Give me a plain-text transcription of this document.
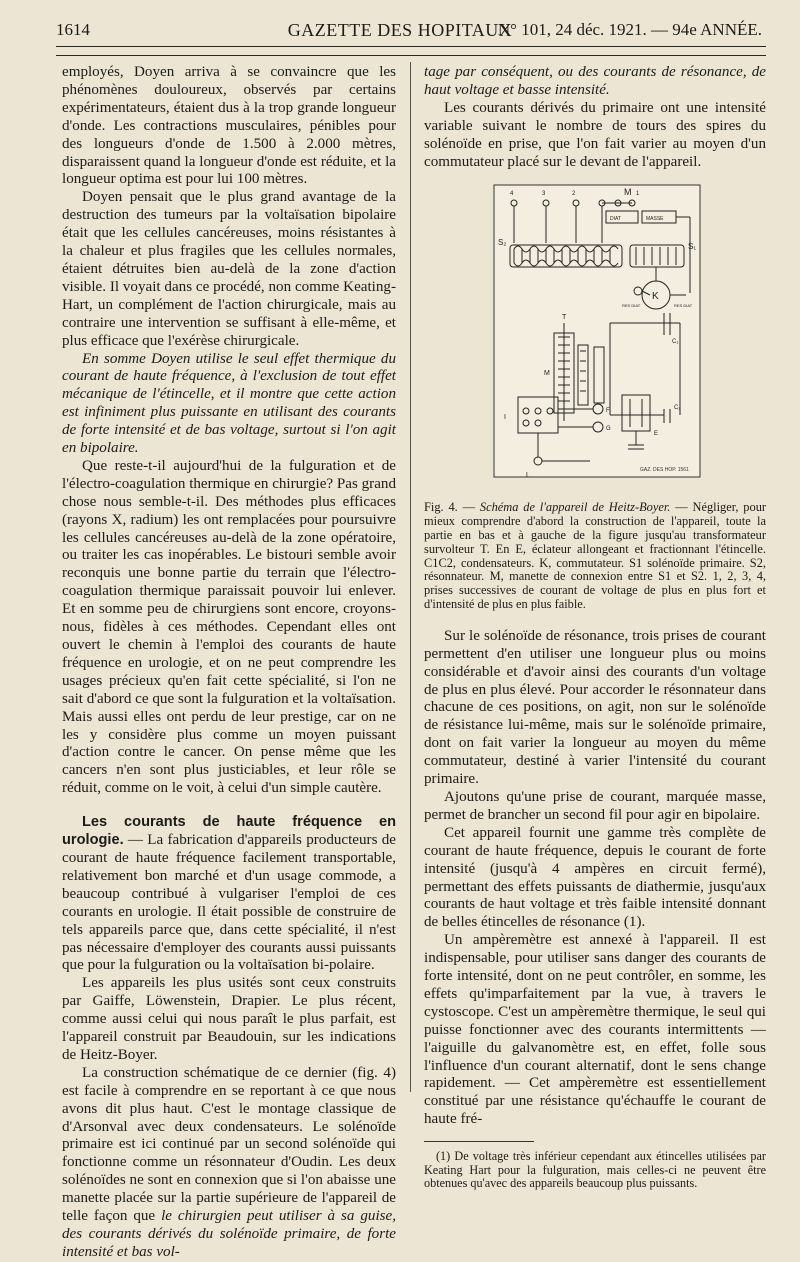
1614	GAZETTE DES HOPITAUX
N° 101, 24 déc. 1921. — 94e ANNÉE.

employés, Doyen arriva à se convaincre que les phénomènes douloureux, observés par certains expérimentateurs, étaient dus à la trop grande longueur d'onde. Les contractions musculaires, pénibles pour des longueurs d'onde de 1.500 à 2.000 mètres, disparaissent quand la longueur d'onde est réduite, et la longueur optima est pour lui 100 mètres.

Doyen pensait que le plus grand avantage de la destruction des tumeurs par la voltaïsation bipolaire était que les cellules cancéreuses, moins résistantes à la chaleur et plus fragiles que les cellules normales, étaient détruites bien au-delà de la zone d'action visible. Il voyait dans ce procédé, non comme Keating-Hart, un complément de l'action chirurgicale, mais au contraire une intervention se suffisant à elle-même, et plus efficace que l'exérèse chirurgicale.

En somme Doyen utilise le seul effet thermique du courant de haute fréquence, à l'exclusion de tout effet mécanique de l'étincelle, et il montre que cette action est infiniment plus puissante en utilisant des courants de forte intensité et de bas voltage, surtout si l'on agit en bipolaire.

Que reste-t-il aujourd'hui de la fulguration et de l'électro-coagulation thermique en chirurgie? Pas grand chose nous semble-t-il. Des méthodes plus efficaces (rayons X, radium) les ont remplacées pour poursuivre les cellules cancéreuses au-delà de la zone opératoire, ou traiter les cas inopérables. Le bistouri semble avoir reconquis une bonne partie du terrain que l'électro-coagulation thermique paraissait pouvoir lui enlever. Et en somme peu de chirurgiens sont encore, croyons-nous, fidèles à ces méthodes. Cependant elles ont ouvert le chemin à l'emploi des courants de haute fréquence en urologie, et on ne peut comprendre les usages précieux qu'en fait cette spécialité, si l'on ne sait d'abord ce que sont la fulguration et la voltaïsation. Mais aussi elles ont perdu de leur prestige, car on ne les y considère plus comme un moyen puissant d'action contre le cancer. On pense même que les cancers n'en sont plus justiciables, et leur rôle se réduit, comme on le voit, à celui d'un simple cautère.

Les courants de haute fréquence en urologie. — La fabrication d'appareils producteurs de courant de haute fréquence facilement transportable, relativement bon marché et d'un usage commode, a beaucoup contribué à vulgariser l'emploi de ces courants en urologie. Il était possible de construire de tels appareils parce que, dans cette spécialité, il n'est pas nécessaire d'employer des courants aussi puissants que pour la fulguration ou la voltaïsation bi-polaire.

Les appareils les plus usités sont ceux construits par Gaiffe, Löwenstein, Drapier. Le plus récent, comme aussi celui qui nous paraît le plus parfait, est l'appareil construit par Beaudouin, sur les indications de Heitz-Boyer.

La construction schématique de ce dernier (fig. 4) est facile à comprendre en se reportant à ce que nous avons dit plus haut. C'est le montage classique de d'Arsonval avec deux condensateurs. Le solénoïde primaire est ici continué par un second solénoïde qui fonctionne comme un résonnateur d'Oudin. Les deux solénoïdes ne sont en connexion que si l'on abaisse une manette placée sur la partie supérieure de l'appareil de telle façon que le chirurgien peut utiliser à sa guise, des courants dérivés du solénoïde primaire, de forte intensité et bas vol-

tage par conséquent, ou des courants de résonance, de haut voltage et basse intensité.

Les courants dérivés du primaire ont une intensité variable suivant le nombre de tours des spires du solénoïde en prise, que l'on fait varier au moyen d'un commutateur placé sur le devant de l'appareil.

4	3	2	M 1
DIAT	MASSE
S₂	S₁
K
RES DIAT	RES DIAT
T
M
C₁
C₂
E
F
G
I
L
GAZ. DES HOP. 1561

Fig. 4. — Schéma de l'appareil de Heitz-Boyer. — Négliger, pour mieux comprendre d'abord la construction de l'appareil, toute la partie en bas et à gauche de la figure jusqu'au transformateur survolteur T. En E, éclateur allongeant et fractionnant l'étincelle. C1C2, condensateurs. K, commutateur. S1 solénoïde primaire. S2, résonnateur. M, manette de connexion entre S1 et S2. 1, 2, 3, 4, prises successives de courant de voltage de plus en plus fort et d'intensité de plus en plus faible.

Sur le solénoïde de résonance, trois prises de courant permettent d'en utiliser une longueur plus ou moins considérable et d'avoir ainsi des courants d'un voltage de plus en plus élevé. Pour accorder le résonnateur dans chacune de ces positions, on agit, non sur le solénoïde de résistance lui-même, mais sur le solénoïde primaire, dont on fait varier la longueur au moyen du même commutateur, destiné à varier l'intensité du courant primaire.

Ajoutons qu'une prise de courant, marquée masse, permet de brancher un second fil pour agir en bipolaire.

Cet appareil fournit une gamme très complète de courant de haute fréquence, depuis le courant de forte intensité (jusqu'à 4 ampères en circuit fermé), permettant des effets puissants de diathermie, jusqu'aux courants de haut voltage et très faible intensité donnant de belles étincelles de résonance (1).

Un ampèremètre est annexé à l'appareil. Il est indispensable, pour utiliser sans danger des courants de forte intensité, dont on ne peut contrôler, en somme, les effets qu'imparfaitement par la vue, à travers le cystoscope. C'est un ampèremètre thermique, le seul qui puisse fonctionner avec des courants intermittents — l'aiguille du galvanomètre est, en effet, folle sous l'influence d'un courant alternatif, dont le sens change rapidement. — Cet ampèremètre est essentiellement constitué par une résistance qu'échauffe le courant de haute fré-

(1) De voltage très inférieur cependant aux étincelles utilisées par Keating Hart pour la fulguration, mais celles-ci ne peuvent être obtenues qu'avec des appareils beaucoup plus puissants.
